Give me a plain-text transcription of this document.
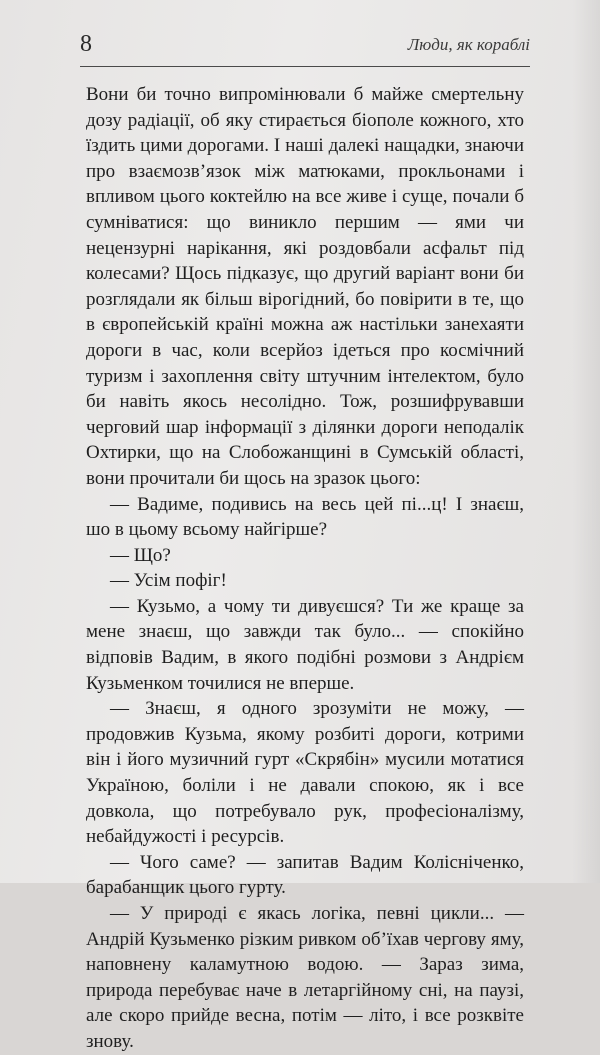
8	Люди, як кораблі

Вони би точно випромінювали б майже смертельну дозу радіації, об яку стирається біополе кожного, хто їздить цими дорогами. І наші далекі нащадки, знаючи про взаємозв’язок між матюками, прокльонами і впливом цього коктейлю на все живе і суще, почали б сумніватися: що виникло першим — ями чи нецензурні нарікання, які роздовбали асфальт під колесами? Щось підказує, що другий варіант вони би розглядали як більш вірогідний, бо повірити в те, що в європейській країні можна аж настільки занехаяти дороги в час, коли всерйоз ідеться про космічний туризм і захоплення світу штучним інтелектом, було би навіть якось несолідно. Тож, розшифрувавши черговий шар інформації з ділянки дороги неподалік Охтирки, що на Слобожанщині в Сумській області, вони прочитали би щось на зразок цього:

— Вадиме, подивись на весь цей пі...ц! І знаєш, шо в цьому всьому найгірше?

— Що?

— Усім пофіг!

— Кузьмо, а чому ти дивуєшся? Ти же краще за мене знаєш, що завжди так було... — спокійно відповів Вадим, в якого подібні розмови з Андрієм Кузьменком точилися не вперше.

— Знаєш, я одного зрозуміти не можу, — продовжив Кузьма, якому розбиті дороги, котрими він і його музичний гурт «Скрябін» мусили мотатися Україною, боліли і не давали спокою, як і все довкола, що потребувало рук, професіоналізму, небайдужості і ресурсів.

— Чого саме? — запитав Вадим Колісніченко, барабанщик цього гурту.

— У природі є якась логіка, певні цикли... — Андрій Кузьменко різким ривком об’їхав чергову яму, наповнену каламутною водою. — Зараз зима, природа перебуває наче в летаргійному сні, на паузі, але скоро прийде весна, потім — літо, і все розквіте знову.
